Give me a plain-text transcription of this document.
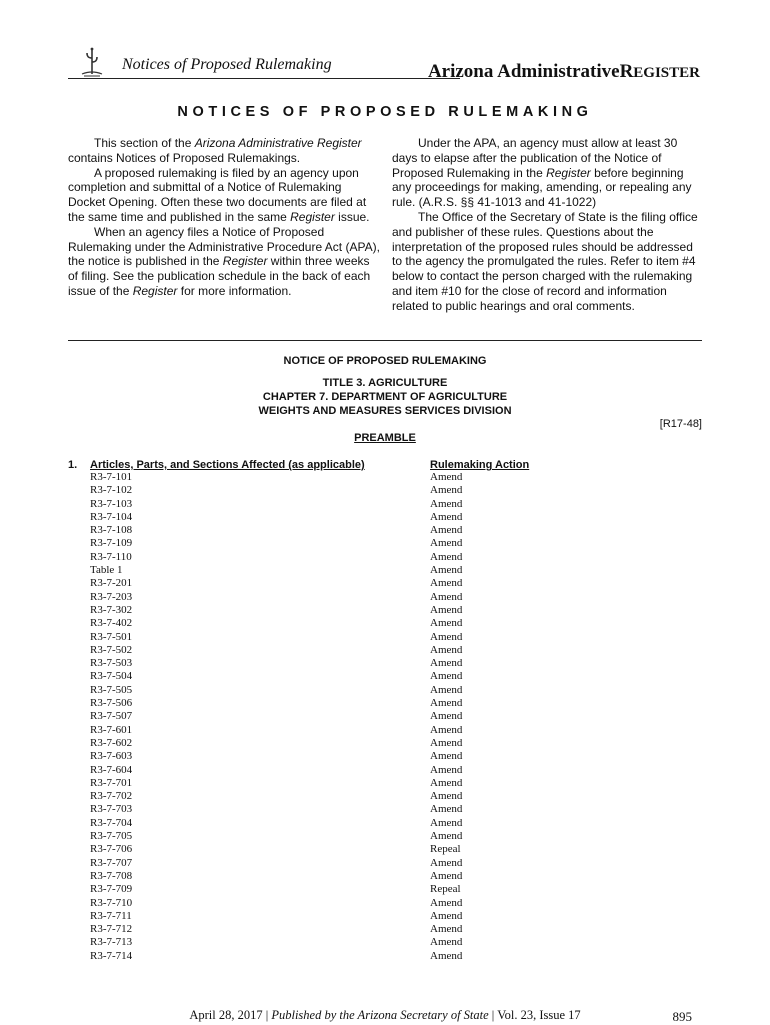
Notices of Proposed Rulemaking	Arizona AdministrativeREGISTER
NOTICES OF PROPOSED RULEMAKING

This section of the Arizona Administrative Register contains Notices of Proposed Rulemakings.

A proposed rulemaking is filed by an agency upon completion and submittal of a Notice of Rulemaking Docket Opening. Often these two documents are filed at the same time and published in the same Register issue.

When an agency files a Notice of Proposed Rulemaking under the Administrative Procedure Act (APA), the notice is published in the Register within three weeks of filing. See the publication schedule in the back of each issue of the Register for more information.

Under the APA, an agency must allow at least 30 days to elapse after the publication of the Notice of Proposed Rulemaking in the Register before beginning any proceedings for making, amending, or repealing any rule. (A.R.S. §§ 41-1013 and 41-1022)

The Office of the Secretary of State is the filing office and publisher of these rules. Questions about the interpretation of the proposed rules should be addressed to the agency the promulgated the rules. Refer to item #4 below to contact the person charged with the rulemaking and item #10 for the close of record and information related to public hearings and oral comments.

NOTICE OF PROPOSED RULEMAKING
TITLE 3. AGRICULTURE
CHAPTER 7. DEPARTMENT OF AGRICULTURE
WEIGHTS AND MEASURES SERVICES DIVISION
[R17-48]
PREAMBLE
1. Articles, Parts, and Sections Affected (as applicable)	Rulemaking Action
R3-7-101	Amend
R3-7-102	Amend
R3-7-103	Amend
R3-7-104	Amend
R3-7-108	Amend
R3-7-109	Amend
R3-7-110	Amend
Table 1	Amend
R3-7-201	Amend
R3-7-203	Amend
R3-7-302	Amend
R3-7-402	Amend
R3-7-501	Amend
R3-7-502	Amend
R3-7-503	Amend
R3-7-504	Amend
R3-7-505	Amend
R3-7-506	Amend
R3-7-507	Amend
R3-7-601	Amend
R3-7-602	Amend
R3-7-603	Amend
R3-7-604	Amend
R3-7-701	Amend
R3-7-702	Amend
R3-7-703	Amend
R3-7-704	Amend
R3-7-705	Amend
R3-7-706	Repeal
R3-7-707	Amend
R3-7-708	Amend
R3-7-709	Repeal
R3-7-710	Amend
R3-7-711	Amend
R3-7-712	Amend
R3-7-713	Amend
R3-7-714	Amend
April 28, 2017 | Published by the Arizona Secretary of State | Vol. 23, Issue 17	895
